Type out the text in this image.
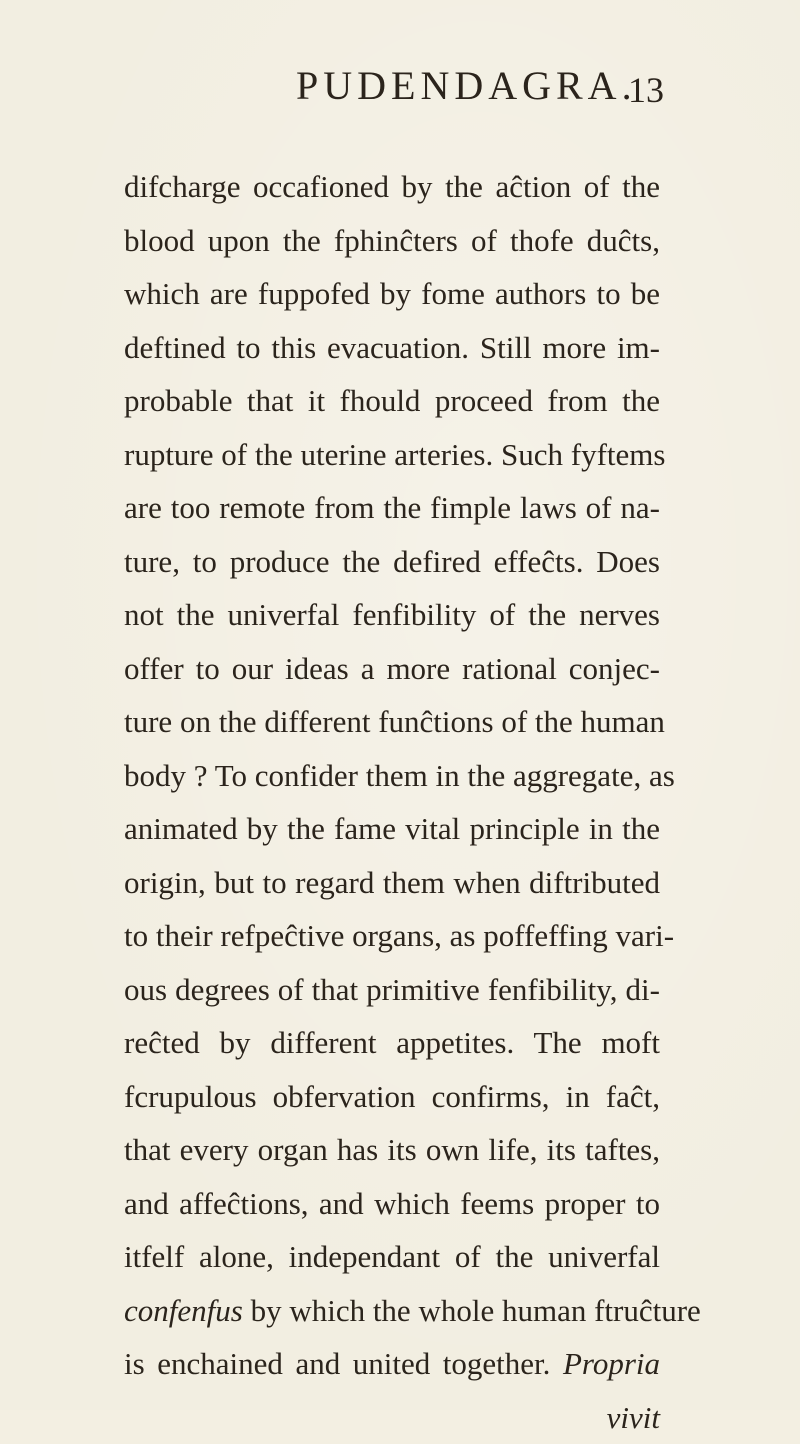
PUDENDAGRA.
13
difcharge occafioned by the aĉtion of the
blood upon the fphinĉters of thofe duĉts,
which are fuppofed by fome authors to be
deftined to this evacuation. Still more im-
probable that it fhould proceed from the
rupture of the uterine arteries. Such fyftems
are too remote from the fimple laws of na-
ture, to produce the defired effeĉts. Does
not the univerfal fenfibility of the nerves
offer to our ideas a more rational conjec-
ture on the different funĉtions of the human
body ? To confider them in the aggregate, as
animated by the fame vital principle in the
origin, but to regard them when diftributed
to their refpeĉtive organs, as poffeffing vari-
ous degrees of that primitive fenfibility, di-
reĉted by different appetites. The moft
fcrupulous obfervation confirms, in faĉt,
that every organ has its own life, its taftes,
and affeĉtions, and which feems proper to
itfelf alone, independant of the univerfal
confenfus by which the whole human ftruĉture
is enchained and united together. Propria
vivit
